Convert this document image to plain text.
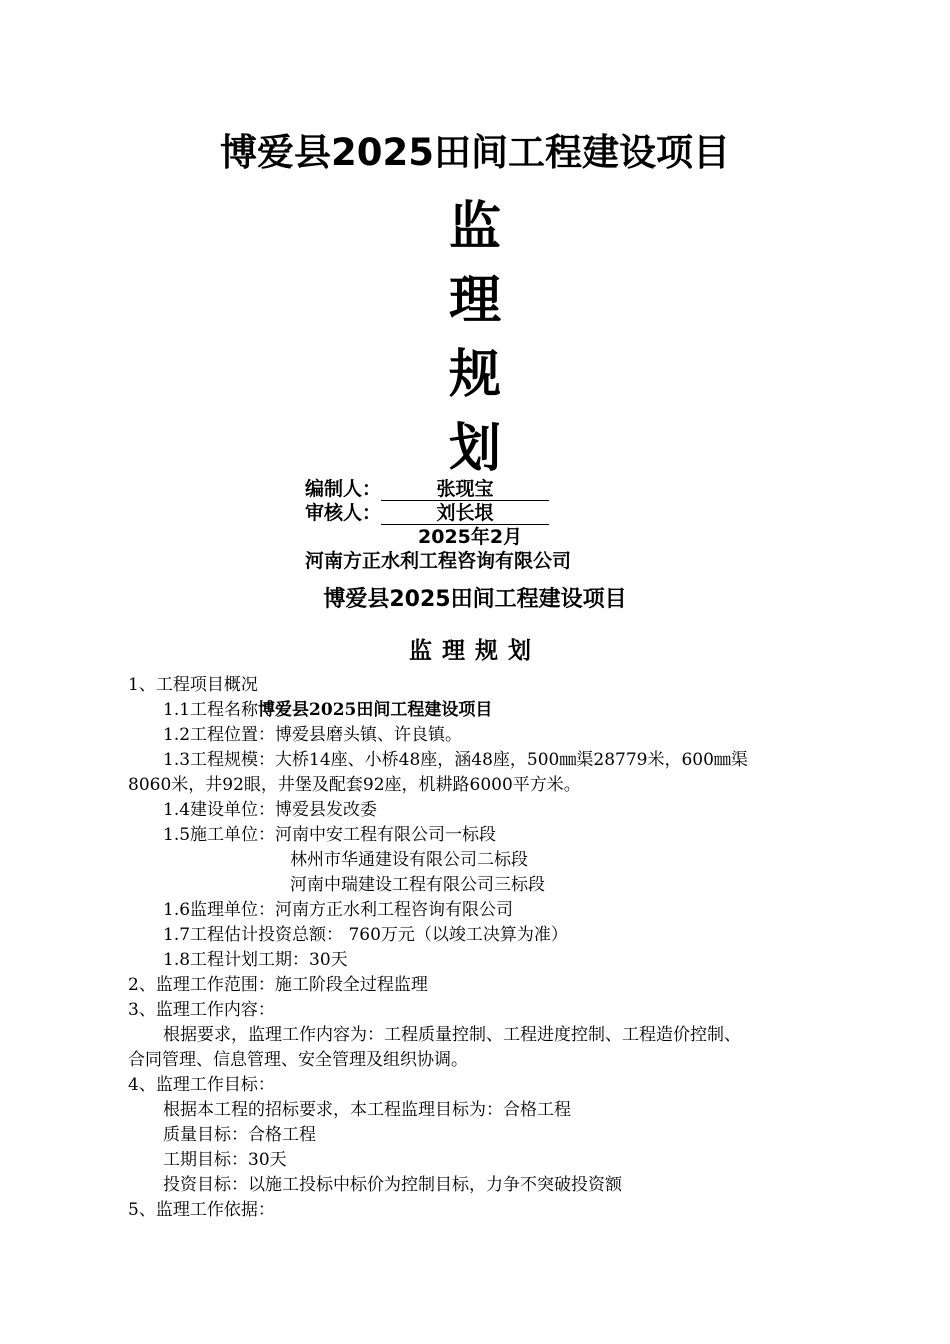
博爱县2025田间工程建设项目
监
理
规
划
编制人：	张现宝
审核人：	刘长垠
2025年2月
河南方正水利工程咨询有限公司
博爱县2025田间工程建设项目
监理规划
1、工程项目概况
1.1工程名称博爱县2025田间工程建设项目
1.2工程位置：博爱县磨头镇、许良镇。
1.3工程规模：大桥14座、小桥48座，涵48座，500㎜渠28779米，600㎜渠
8060米，井92眼，井堡及配套92座，机耕路6000平方米。
1.4建设单位：博爱县发改委
1.5施工单位：河南中安工程有限公司一标段
林州市华通建设有限公司二标段
河南中瑞建设工程有限公司三标段
1.6监理单位：河南方正水利工程咨询有限公司
1.7工程估计投资总额： 760万元（以竣工决算为准）
1.8工程计划工期：30天
2、监理工作范围：施工阶段全过程监理
3、监理工作内容：
根据要求，监理工作内容为：工程质量控制、工程进度控制、工程造价控制、
合同管理、信息管理、安全管理及组织协调。
4、监理工作目标：
根据本工程的招标要求，本工程监理目标为：合格工程
质量目标：合格工程
工期目标：30天
投资目标：以施工投标中标价为控制目标，力争不突破投资额
5、监理工作依据：
